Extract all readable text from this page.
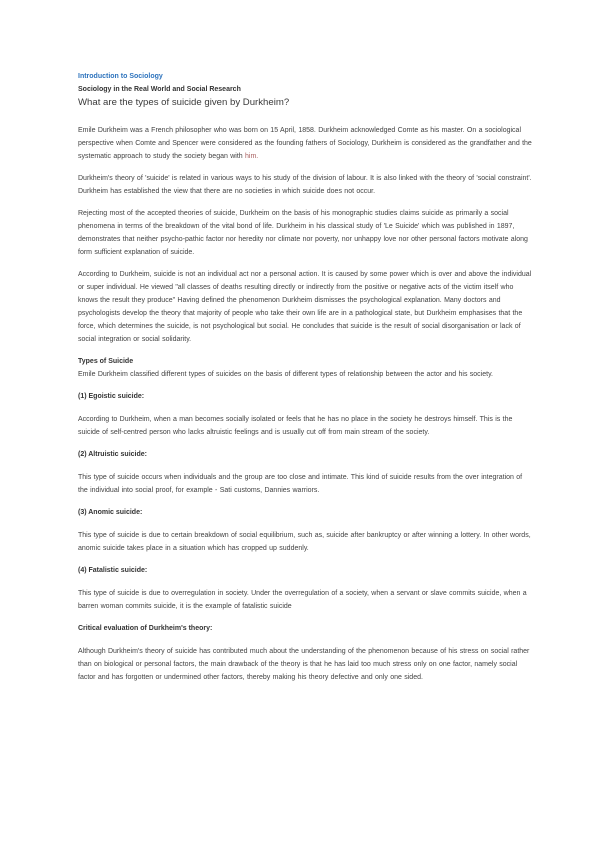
Introduction to Sociology
Sociology in the Real World and Social Research
What are the types of suicide given by Durkheim?

Emile Durkheim was a French philosopher who was born on 15 April, 1858. Durkheim acknowledged Comte as his master. On a sociological perspective when Comte and Spencer were considered as the founding fathers of Sociology, Durkheim is considered as the grandfather and the systematic approach to study the society began with him.

Durkheim's theory of 'suicide' is related in various ways to his study of the division of labour. It is also linked with the theory of 'social constraint'. Durkheim has established the view that there are no societies in which suicide does not occur.

Rejecting most of the accepted theories of suicide, Durkheim on the basis of his monographic studies claims suicide as primarily a social phenomena in terms of the breakdown of the vital bond of life. Durkheim in his classical study of 'Le Suicide' which was published in 1897, demonstrates that neither psycho-pathic factor nor heredity nor climate nor poverty, nor unhappy love nor other personal factors motivate along form sufficient explanation of suicide.

According to Durkheim, suicide is not an individual act nor a personal action. It is caused by some power which is over and above the individual or super individual. He viewed "all classes of deaths resulting directly or indirectly from the positive or negative acts of the victim itself who knows the result they produce" Having defined the phenomenon Durkheim dismisses the psychological explanation. Many doctors and psychologists develop the theory that majority of people who take their own life are in a pathological state, but Durkheim emphasises that the force, which determines the suicide, is not psychological but social. He concludes that suicide is the result of social disorganisation or lack of social integration or social solidarity.

Types of Suicide

Emile Durkheim classified different types of suicides on the basis of different types of relationship between the actor and his society.

(1) Egoistic suicide:

According to Durkheim, when a man becomes socially isolated or feels that he has no place in the society he destroys himself. This is the suicide of self-centred person who lacks altruistic feelings and is usually cut off from main stream of the society.

(2) Altruistic suicide:

This type of suicide occurs when individuals and the group are too close and intimate. This kind of suicide results from the over integration of the individual into social proof, for example - Sati customs, Dannies warriors.

(3) Anomic suicide:

This type of suicide is due to certain breakdown of social equilibrium, such as, suicide after bankruptcy or after winning a lottery. In other words, anomic suicide takes place in a situation which has cropped up suddenly.

(4) Fatalistic suicide:

This type of suicide is due to overregulation in society. Under the overregulation of a society, when a servant or slave commits suicide, when a barren woman commits suicide, it is the example of fatalistic suicide

Critical evaluation of Durkheim's theory:

Although Durkheim's theory of suicide has contributed much about the understanding of the phenomenon because of his stress on social rather than on biological or personal factors, the main drawback of the theory is that he has laid too much stress only on one factor, namely social factor and has forgotten or undermined other factors, thereby making his theory defective and only one sided.
